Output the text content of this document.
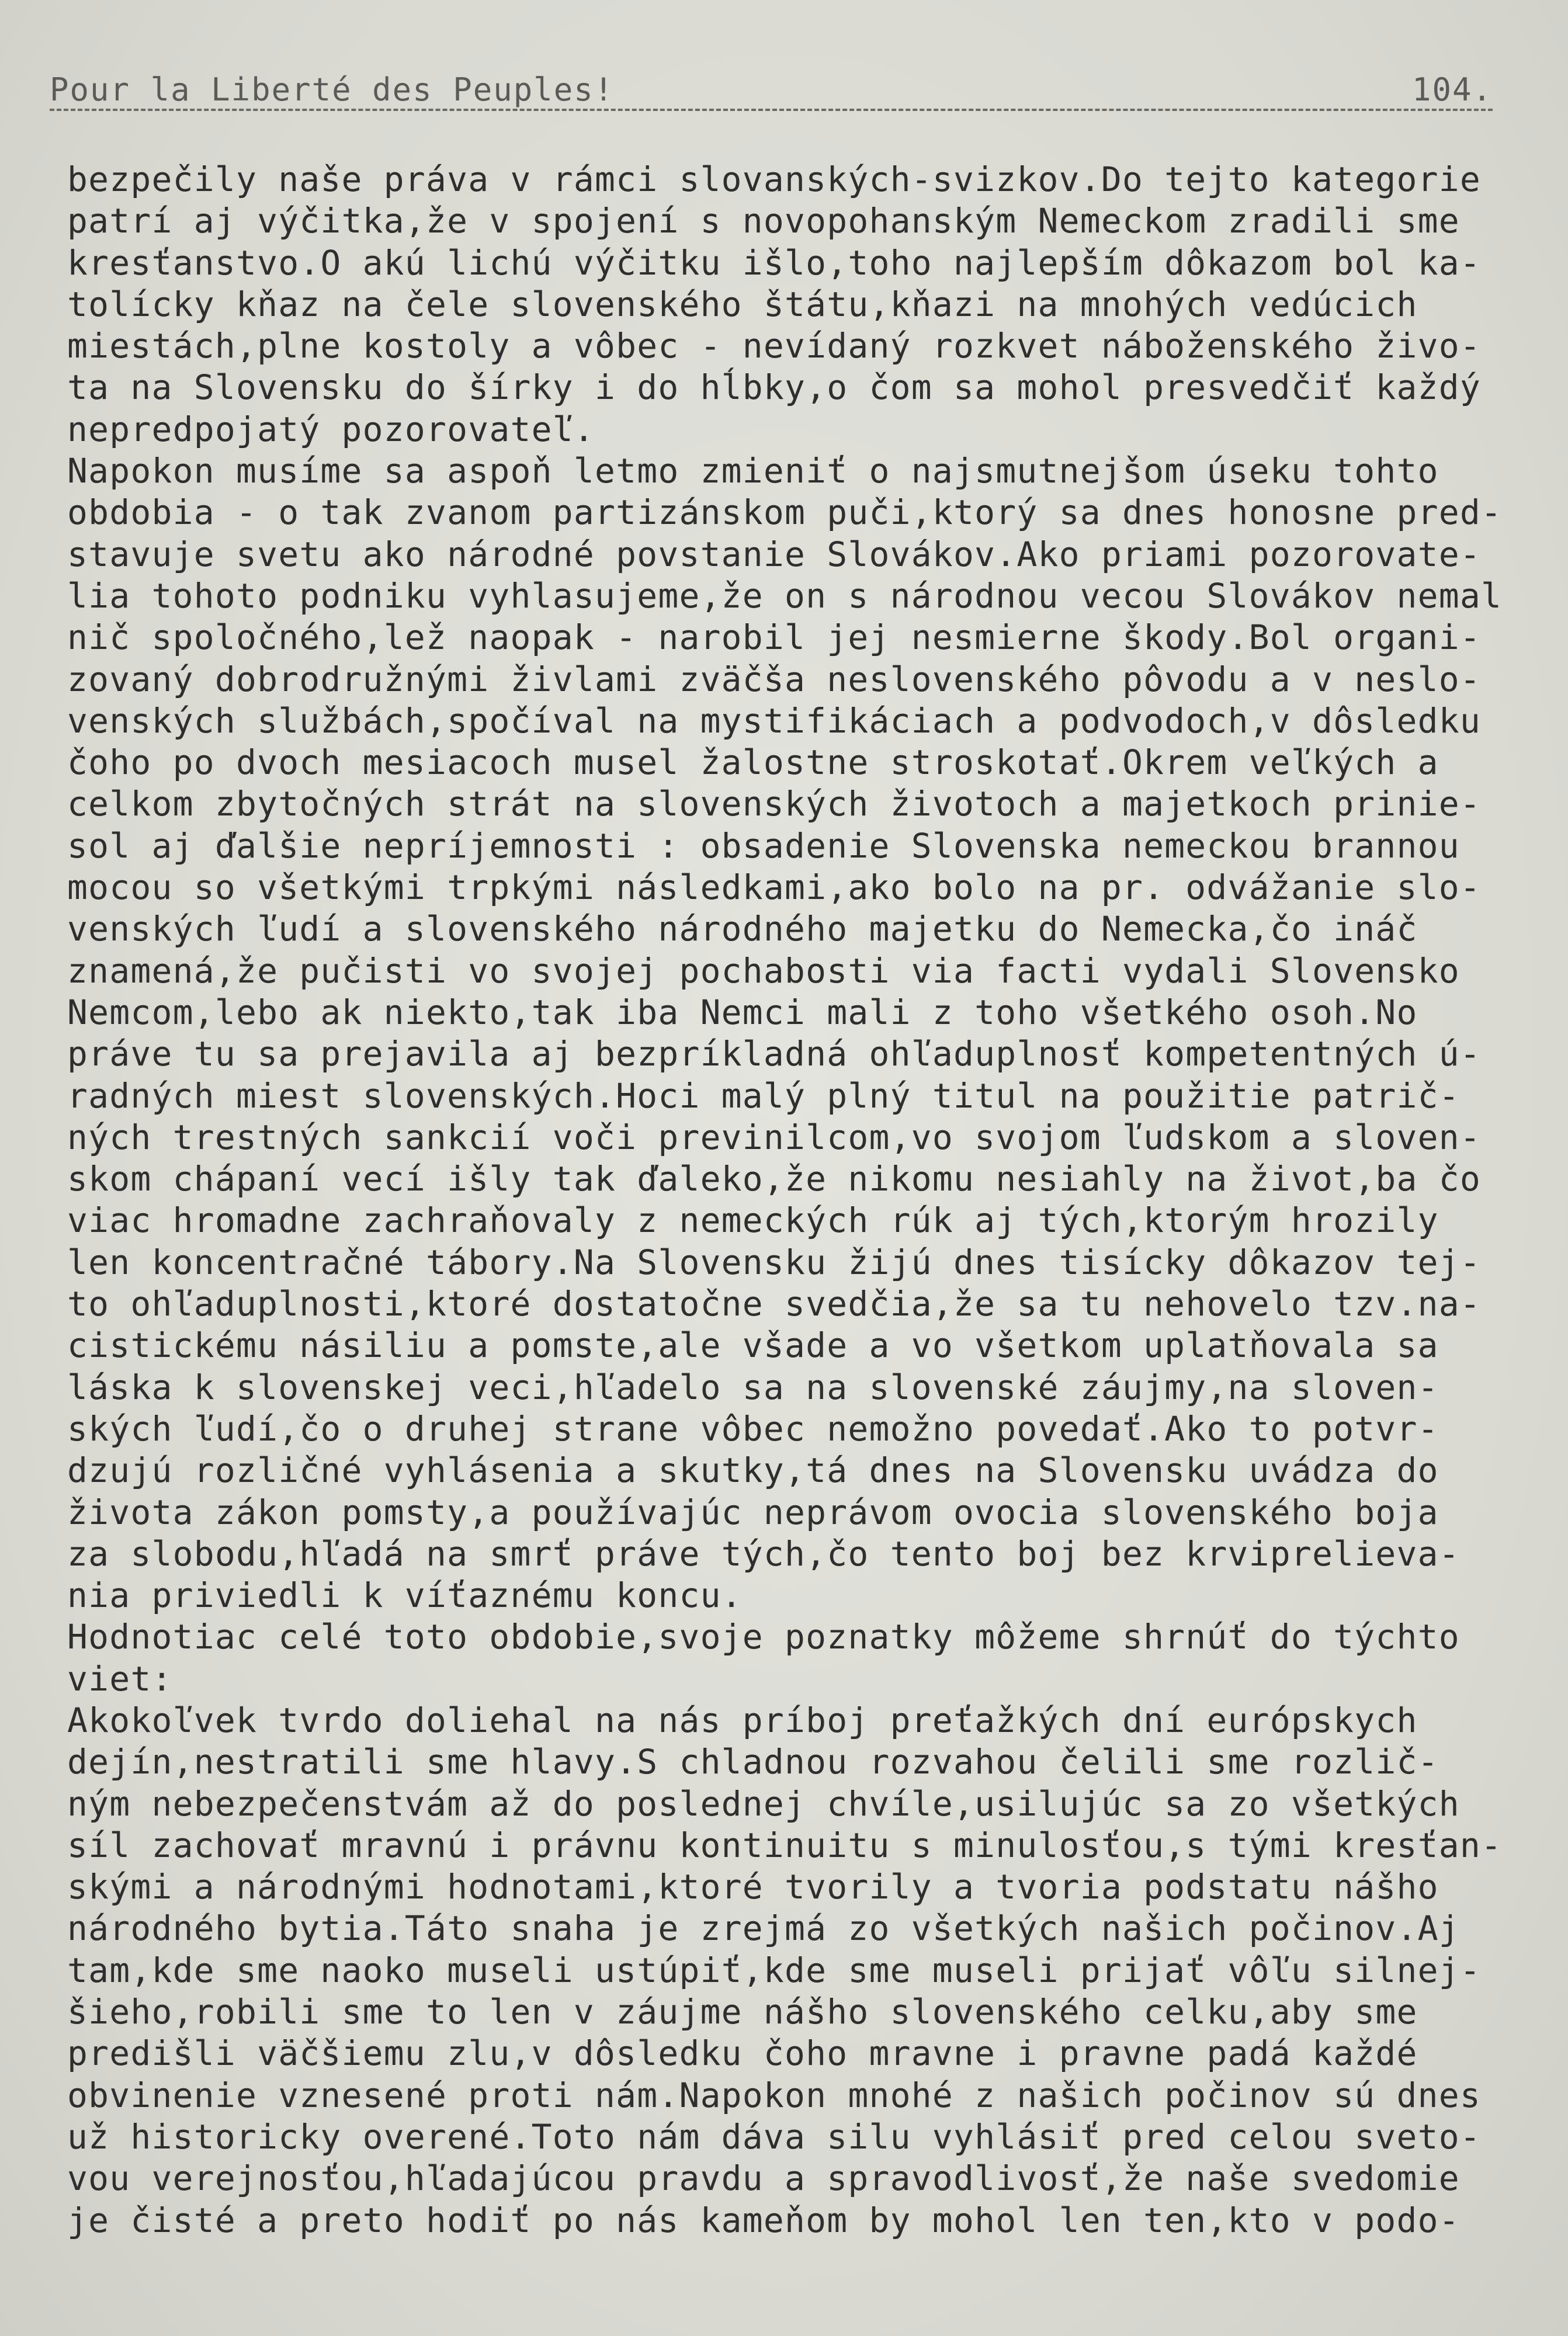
Pour la Liberté des Peuples!

	104.

bezpečily naše práva v rámci slovanských-svizkov.Do tejto kategorie
patrí aj výčitka,že v spojení s novopohanským Nemeckom zradili sme
kresťanstvo.O akú lichú výčitku išlo,toho najlepším dôkazom bol ka-
tolícky kňaz na čele slovenského štátu,kňazi na mnohých vedúcich
miestách,plne kostoly a vôbec - nevídaný rozkvet náboženského živo-
ta na Slovensku do šírky i do hĺbky,o čom sa mohol presvedčiť každý
nepredpojatý pozorovateľ.
Napokon musíme sa aspoň letmo zmieniť o najsmutnejšom úseku tohto
obdobia - o tak zvanom partizánskom puči,ktorý sa dnes honosne pred-
stavuje svetu ako národné povstanie Slovákov.Ako priami pozorovate-
lia tohoto podniku vyhlasujeme,že on s národnou vecou Slovákov nemal
nič spoločného,lež naopak - narobil jej nesmierne škody.Bol organi-
zovaný dobrodružnými živlami zväčša neslovenského pôvodu a v neslo-
venských službách,spočíval na mystifikáciach a podvodoch,v dôsledku
čoho po dvoch mesiacoch musel žalostne stroskotať.Okrem veľkých a
celkom zbytočných strát na slovenských životoch a majetkoch prinie-
sol aj ďalšie nepríjemnosti : obsadenie Slovenska nemeckou brannou
mocou so všetkými trpkými následkami,ako bolo na pr. odvážanie slo-
venských ľudí a slovenského národného majetku do Nemecka,čo ináč
znamená,že pučisti vo svojej pochabosti via facti vydali Slovensko
Nemcom,lebo ak niekto,tak iba Nemci mali z toho všetkého osoh.No
práve tu sa prejavila aj bezpríkladná ohľaduplnosť kompetentných ú-
radných miest slovenských.Hoci malý plný titul na použitie patrič-
ných trestných sankcií voči previnilcom,vo svojom ľudskom a sloven-
skom chápaní vecí išly tak ďaleko,že nikomu nesiahly na život,ba čo
viac hromadne zachraňovaly z nemeckých rúk aj tých,ktorým hrozily
len koncentračné tábory.Na Slovensku žijú dnes tisícky dôkazov tej-
to ohľaduplnosti,ktoré dostatočne svedčia,že sa tu nehovelo tzv.na-
cistickému násiliu a pomste,ale všade a vo všetkom uplatňovala sa
láska k slovenskej veci,hľadelo sa na slovenské záujmy,na sloven-
ských ľudí,čo o druhej strane vôbec nemožno povedať.Ako to potvr-
dzujú rozličné vyhlásenia a skutky,tá dnes na Slovensku uvádza do
života zákon pomsty,a používajúc neprávom ovocia slovenského boja
za slobodu,hľadá na smrť práve tých,čo tento boj bez krviprelieva-
nia priviedli k víťaznému koncu.
Hodnotiac celé toto obdobie,svoje poznatky môžeme shrnúť do týchto
viet:
Akokoľvek tvrdo doliehal na nás príboj preťažkých dní európskych
dejín,nestratili sme hlavy.S chladnou rozvahou čelili sme rozlič-
ným nebezpečenstvám až do poslednej chvíle,usilujúc sa zo všetkých
síl zachovať mravnú i právnu kontinuitu s minulosťou,s tými kresťan-
skými a národnými hodnotami,ktoré tvorily a tvoria podstatu nášho
národného bytia.Táto snaha je zrejmá zo všetkých našich počinov.Aj
tam,kde sme naoko museli ustúpiť,kde sme museli prijať vôľu silnej-
šieho,robili sme to len v záujme nášho slovenského celku,aby sme
predišli väčšiemu zlu,v dôsledku čoho mravne i pravne padá každé
obvinenie vznesené proti nám.Napokon mnohé z našich počinov sú dnes
už historicky overené.Toto nám dáva silu vyhlásiť pred celou sveto-
vou verejnosťou,hľadajúcou pravdu a spravodlivosť,že naše svedomie
je čisté a preto hodiť po nás kameňom by mohol len ten,kto v podo-
